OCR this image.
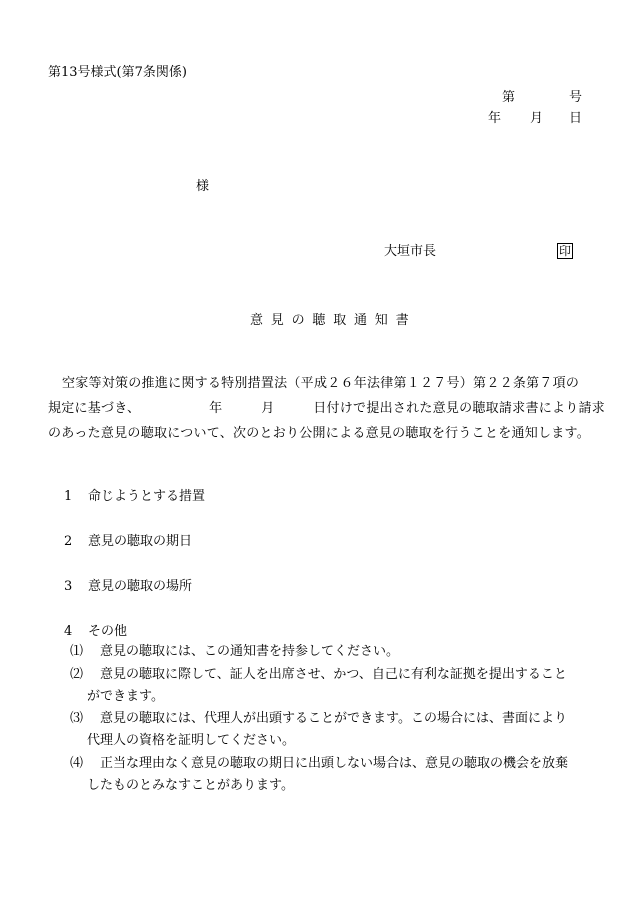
第13号様式(第7条関係)
第	号
年 月 日
様
大垣市長	印
意見の聴取通知書
空家等対策の推進に関する特別措置法（平成２６年法律第１２７号）第２２条第７項の
規定に基づき、	年	月	日付けで提出された意見の聴取請求書により請求
のあった意見の聴取について、次のとおり公開による意見の聴取を行うことを通知します。
1 命じようとする措置
2 意見の聴取の期日
3 意見の聴取の場所
4 その他
⑴ 意見の聴取には、この通知書を持参してください。
⑵ 意見の聴取に際して、証人を出席させ、かつ、自己に有利な証拠を提出すること
ができます。
⑶ 意見の聴取には、代理人が出頭することができます。この場合には、書面により
代理人の資格を証明してください。
⑷ 正当な理由なく意見の聴取の期日に出頭しない場合は、意見の聴取の機会を放棄
したものとみなすことがあります。
